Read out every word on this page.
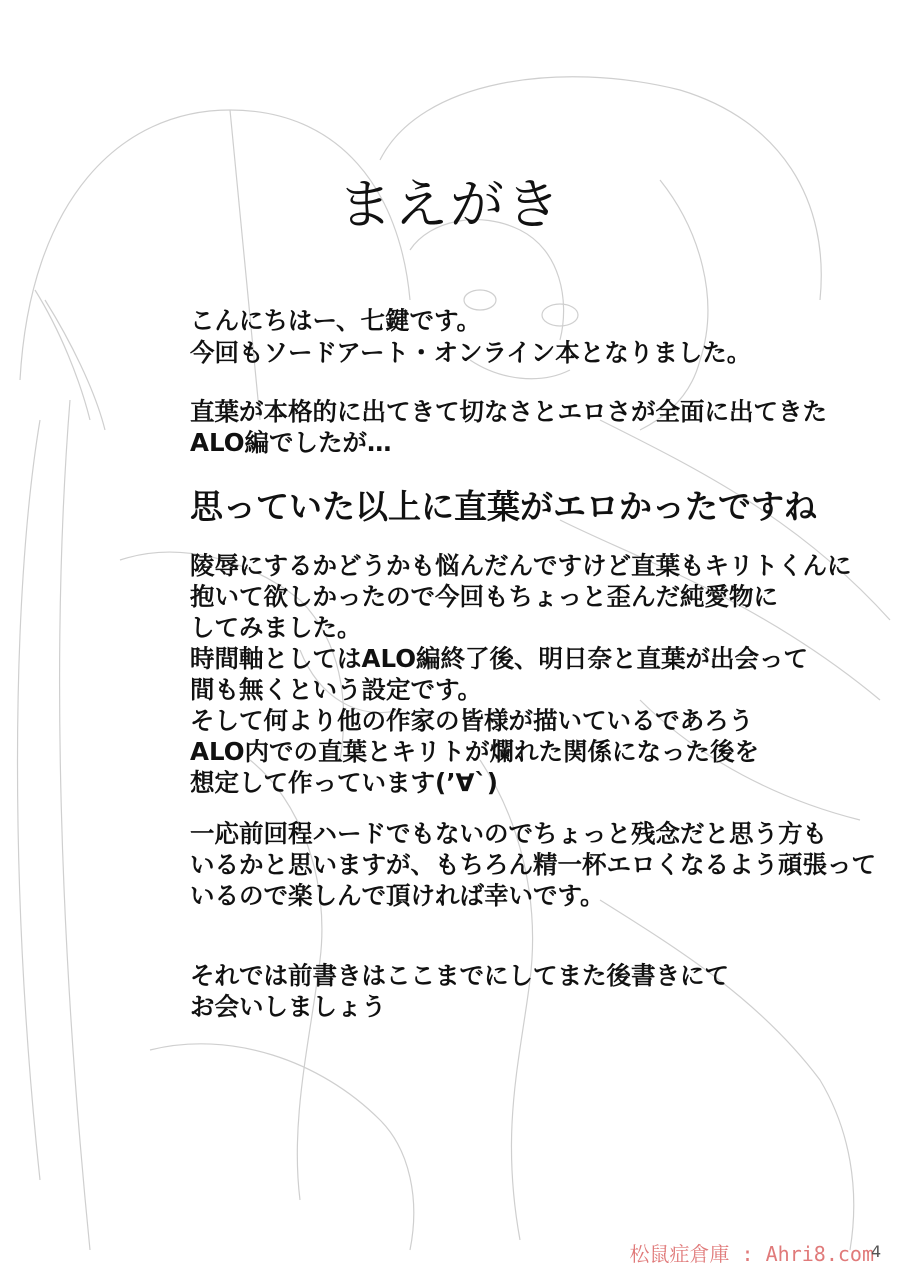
まえがき
こんにちはー、七鍵です。
今回もソードアート・オンライン本となりました。
直葉が本格的に出てきて切なさとエロさが全面に出てきた
ALO編でしたが…
思っていた以上に直葉がエロかったですね
陵辱にするかどうかも悩んだんですけど直葉もキリトくんに
抱いて欲しかったので今回もちょっと歪んだ純愛物に
してみました。
時間軸としてはALO編終了後、明日奈と直葉が出会って
間も無くという設定です。
そして何より他の作家の皆様が描いているであろう
ALO内での直葉とキリトが爛れた関係になった後を
想定して作っています(’∀`)
一応前回程ハードでもないのでちょっと残念だと思う方も
いるかと思いますが、もちろん精一杯エロくなるよう頑張って
いるので楽しんで頂ければ幸いです。
それでは前書きはここまでにしてまた後書きにて
お会いしましょう
松鼠症倉庫 : Ahri8.com
4
